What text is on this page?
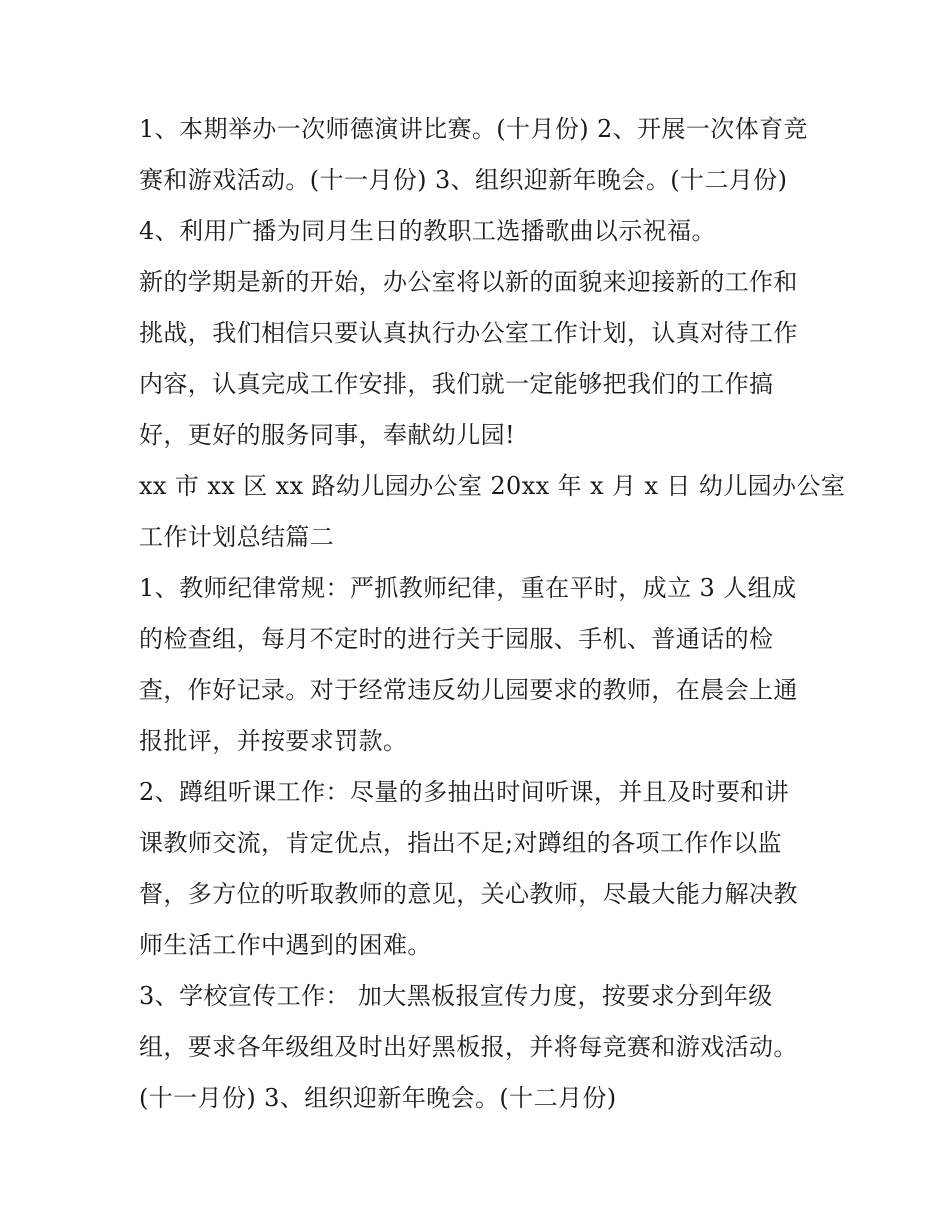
1、本期举办一次师德演讲比赛。(十月份) 2、开展一次体育竞
赛和游戏活动。(十一月份) 3、组织迎新年晚会。(十二月份)
4、利用广播为同月生日的教职工选播歌曲以示祝福。
新的学期是新的开始，办公室将以新的面貌来迎接新的工作和
挑战，我们相信只要认真执行办公室工作计划，认真对待工作
内容，认真完成工作安排，我们就一定能够把我们的工作搞
好，更好的服务同事，奉献幼儿园!
xx 市 xx 区 xx 路幼儿园办公室 20xx 年 x 月 x 日 幼儿园办公室
工作计划总结篇二
1、教师纪律常规：严抓教师纪律，重在平时，成立 3 人组成
的检查组，每月不定时的进行关于园服、手机、普通话的检
查，作好记录。对于经常违反幼儿园要求的教师，在晨会上通
报批评，并按要求罚款。
2、蹲组听课工作：尽量的多抽出时间听课，并且及时要和讲
课教师交流，肯定优点，指出不足;对蹲组的各项工作作以监
督，多方位的听取教师的意见，关心教师，尽最大能力解决教
师生活工作中遇到的困难。
3、学校宣传工作： 加大黑板报宣传力度，按要求分到年级
组，要求各年级组及时出好黑板报，并将每竞赛和游戏活动。
(十一月份) 3、组织迎新年晚会。(十二月份)
